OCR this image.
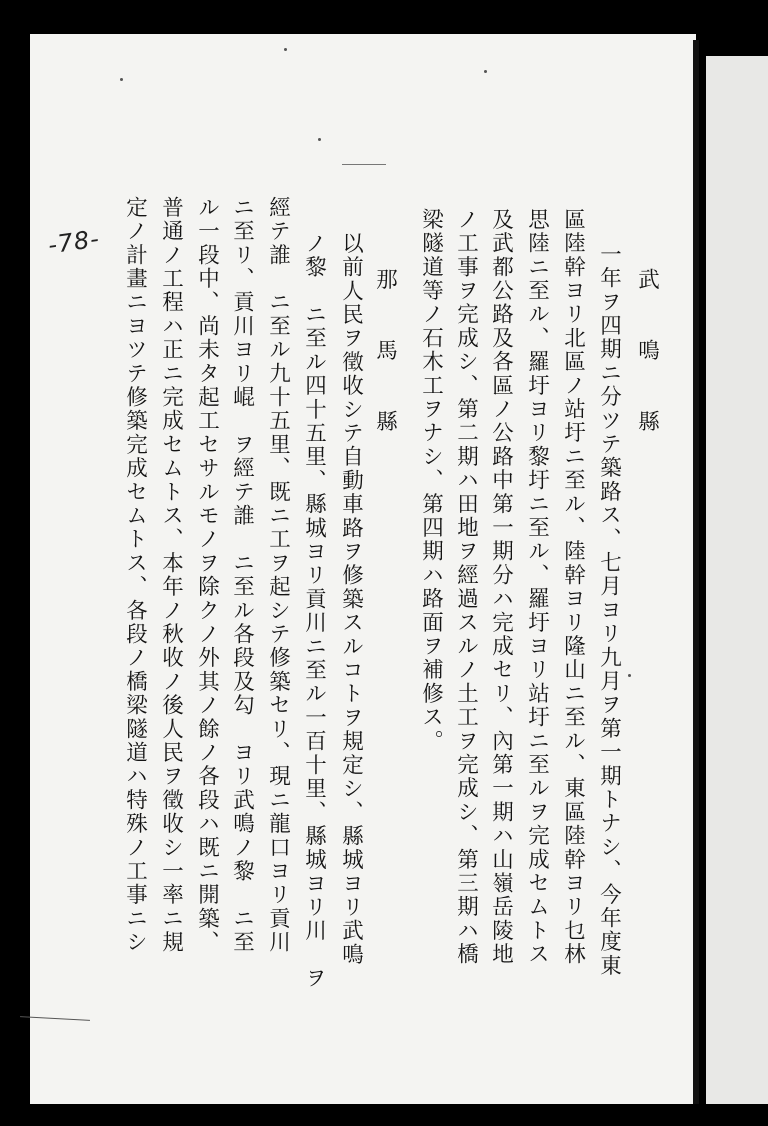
武　鳴　縣
一年ヲ四期ニ分ツテ築路ス、七月ヨリ九月ヲ第一期トナシ、今年度東
區陸幹ヨリ北區ノ站圩ニ至ル、陸幹ヨリ隆山ニ至ル、東區陸幹ヨリ乜林
思陸ニ至ル、羅圩ヨリ黎圩ニ至ル、羅圩ヨリ站圩ニ至ルヲ完成セムトス
及武都公路及各區ノ公路中第一期分ハ完成セリ、內第一期ハ山嶺岳陵地
ノ工事ヲ完成シ、第二期ハ田地ヲ經過スルノ土工ヲ完成シ、第三期ハ橋
梁隧道等ノ石木工ヲナシ、第四期ハ路面ヲ補修ス。
那　馬　縣
以前人民ヲ徵收シテ自動車路ヲ修築スルコトヲ規定シ、縣城ヨリ武鳴
ノ黎　ニ至ル四十五里、縣城ヨリ貢川ニ至ル一百十里、縣城ヨリ川　ヲ
經テ誰　ニ至ル九十五里、既ニ工ヲ起シテ修築セリ、現ニ龍口ヨリ貢川
ニ至リ、貢川ヨリ崐　ヲ經テ誰　ニ至ル各段及勾　ヨリ武鳴ノ黎　ニ至
ル一段中、尚未タ起工セサルモノヲ除クノ外其ノ餘ノ各段ハ既ニ開築、
普通ノ工程ハ正ニ完成セムトス、本年ノ秋收ノ後人民ヲ徵收シ一率ニ規
定ノ計畫ニヨツテ修築完成セムトス、各段ノ橋梁隧道ハ特殊ノ工事ニシ
-78-
